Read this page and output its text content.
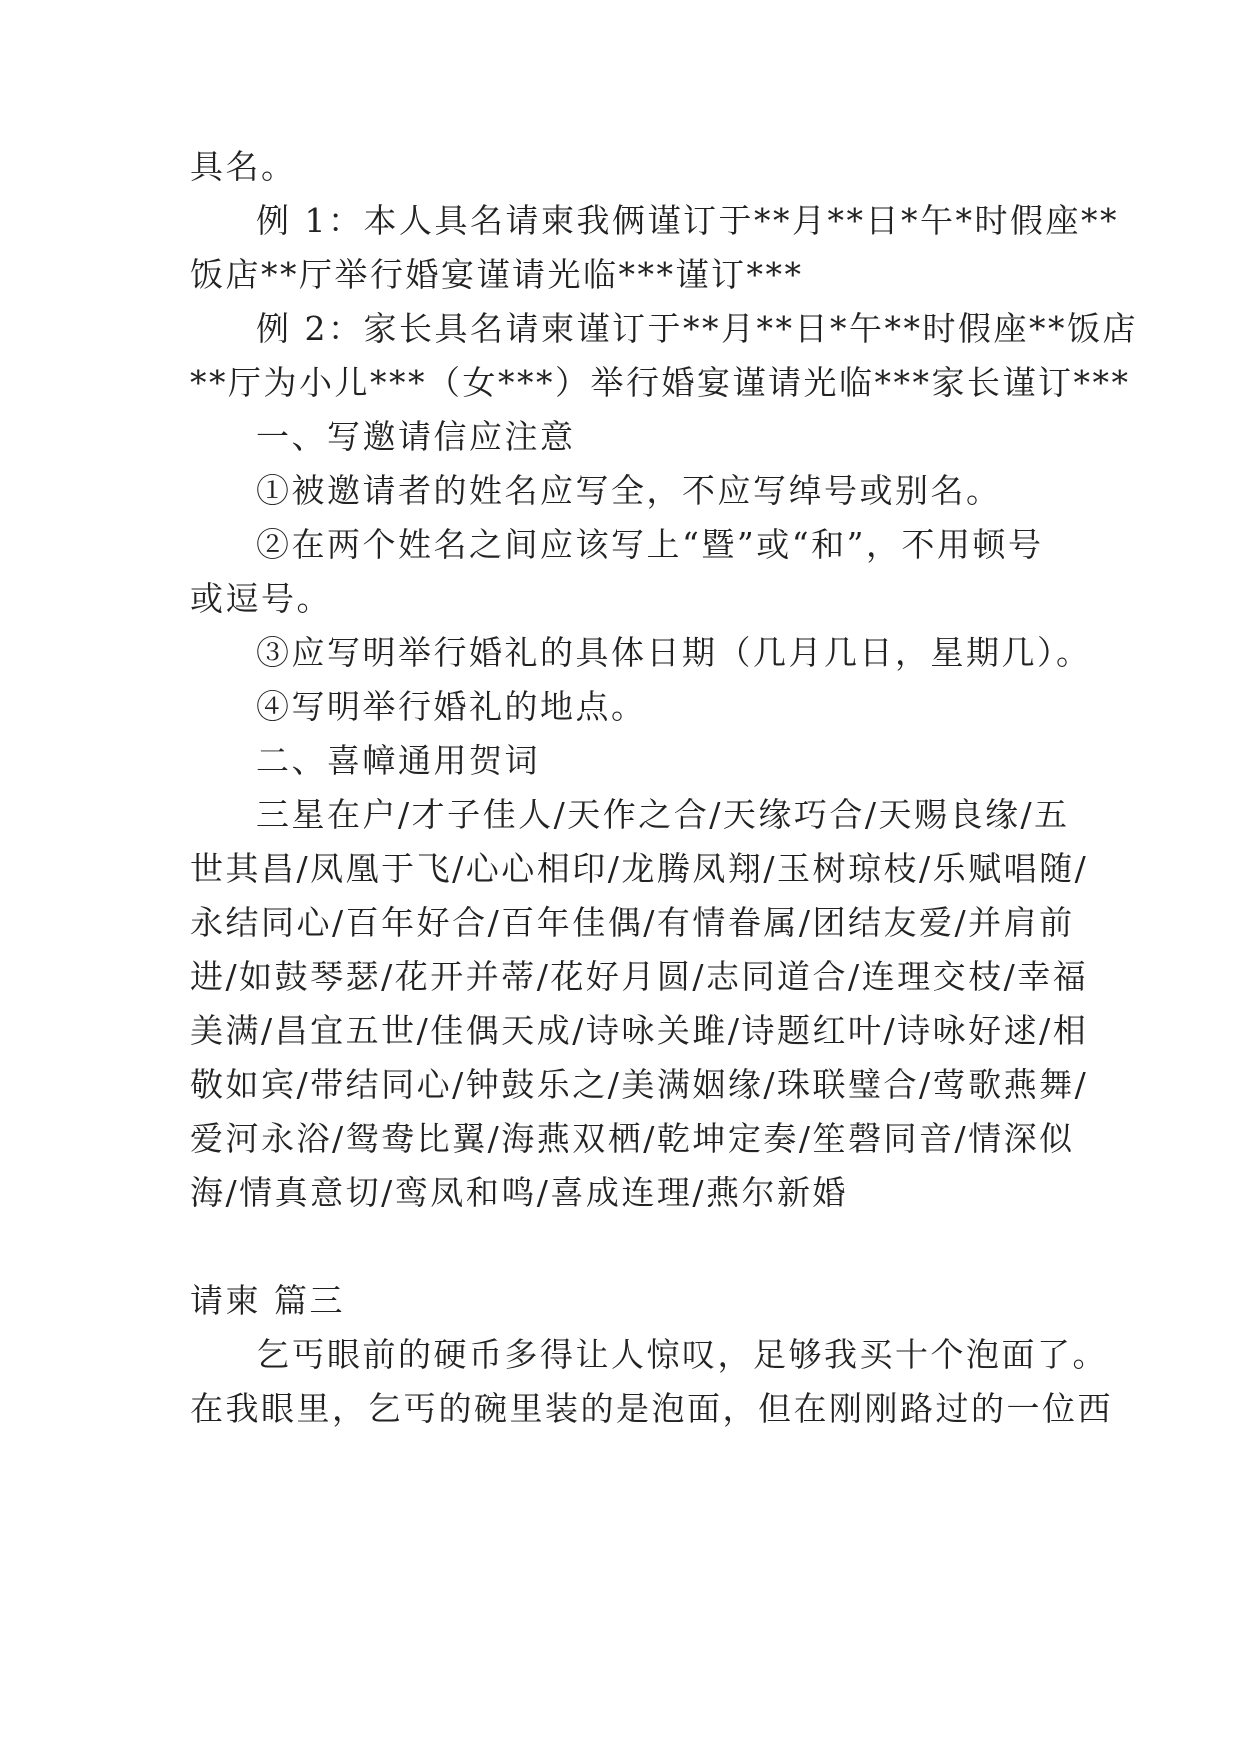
具名。
例 1：本人具名请柬我俩谨订于**月**日*午*时假座**
饭店**厅举行婚宴谨请光临***谨订***
例 2：家长具名请柬谨订于**月**日*午**时假座**饭店
**厅为小儿***（女***）举行婚宴谨请光临***家长谨订***
一、写邀请信应注意
①被邀请者的姓名应写全，不应写绰号或别名。
②在两个姓名之间应该写上“暨”或“和”，不用顿号
或逗号。
③应写明举行婚礼的具体日期（几月几日，星期几）。
④写明举行婚礼的地点。
二、喜幛通用贺词
三星在户/才子佳人/天作之合/天缘巧合/天赐良缘/五
世其昌/凤凰于飞/心心相印/龙腾凤翔/玉树琼枝/乐赋唱随/
永结同心/百年好合/百年佳偶/有情眷属/团结友爱/并肩前
进/如鼓琴瑟/花开并蒂/花好月圆/志同道合/连理交枝/幸福
美满/昌宜五世/佳偶天成/诗咏关雎/诗题红叶/诗咏好逑/相
敬如宾/带结同心/钟鼓乐之/美满姻缘/珠联璧合/莺歌燕舞/
爱河永浴/鸳鸯比翼/海燕双栖/乾坤定奏/笙磬同音/情深似
海/情真意切/鸾凤和鸣/喜成连理/燕尔新婚
请柬 篇三
乞丐眼前的硬币多得让人惊叹，足够我买十个泡面了。
在我眼里，乞丐的碗里装的是泡面，但在刚刚路过的一位西
